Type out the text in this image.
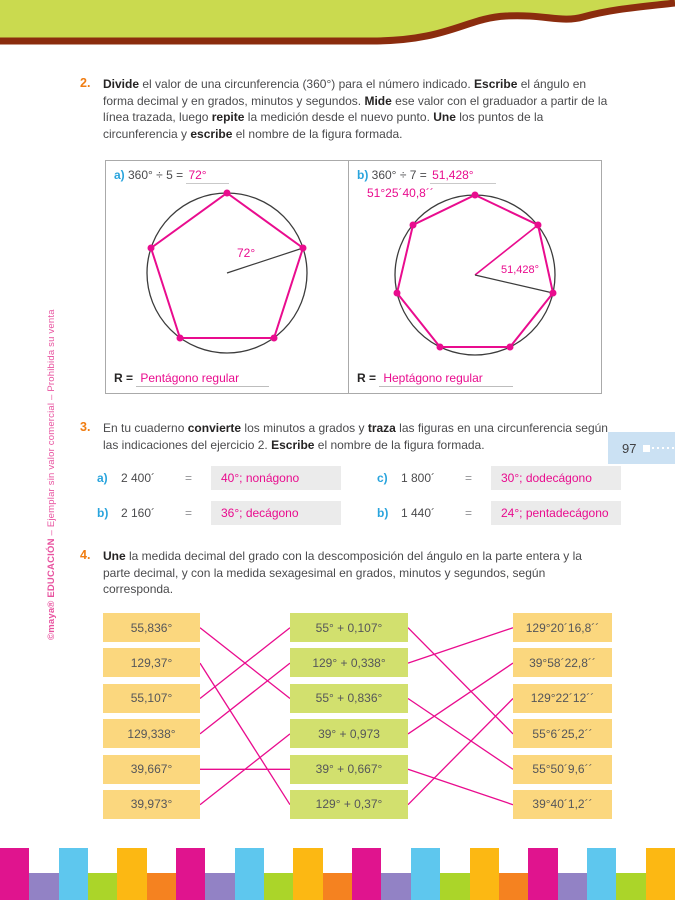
©maya® EDUCACIÓN – Ejemplar sin valor comercial – Prohibida su venta
2.	Divide el valor de una circunferencia (360°) para el número indicado. Escribe el ángulo en forma decimal y en grados, minutos y segundos. Mide ese valor con el graduador a partir de la línea trazada, luego repite la medición desde el nuevo punto. Une los puntos de la circunferencia y escribe el nombre de la figura formada.
a) 360° ÷ 5 = 72°
72°
R = Pentágono regular
b) 360° ÷ 7 = 51,428°
51°25´40,8´´
51,428°
R = Heptágono regular
3.	En tu cuaderno convierte los minutos a grados y traza las figuras en una circunferencia según las indicaciones del ejercicio 2. Escribe el nombre de la figura formada.
a)	2 400´	=	40°; nonágono
b)	2 160´	=	36°; decágono
c)	1 800´	=	30°; dodecágono
b)	1 440´	=	24°; pentadecágono
97
4.	Une la medida decimal del grado con la descomposición del ángulo en la parte entera y la parte decimal, y con la medida sexagesimal en grados, minutos y segundos, según corresponda.
55,836°
129,37°
55,107°
129,338°
39,667°
39,973°
55° + 0,107°
129° + 0,338°
55° + 0,836°
39° + 0,973
39° + 0,667°
129° + 0,37°
129°20´16,8´´
39°58´22,8´´
129°22´12´´
55°6´25,2´´
55°50´9,6´´
39°40´1,2´´
